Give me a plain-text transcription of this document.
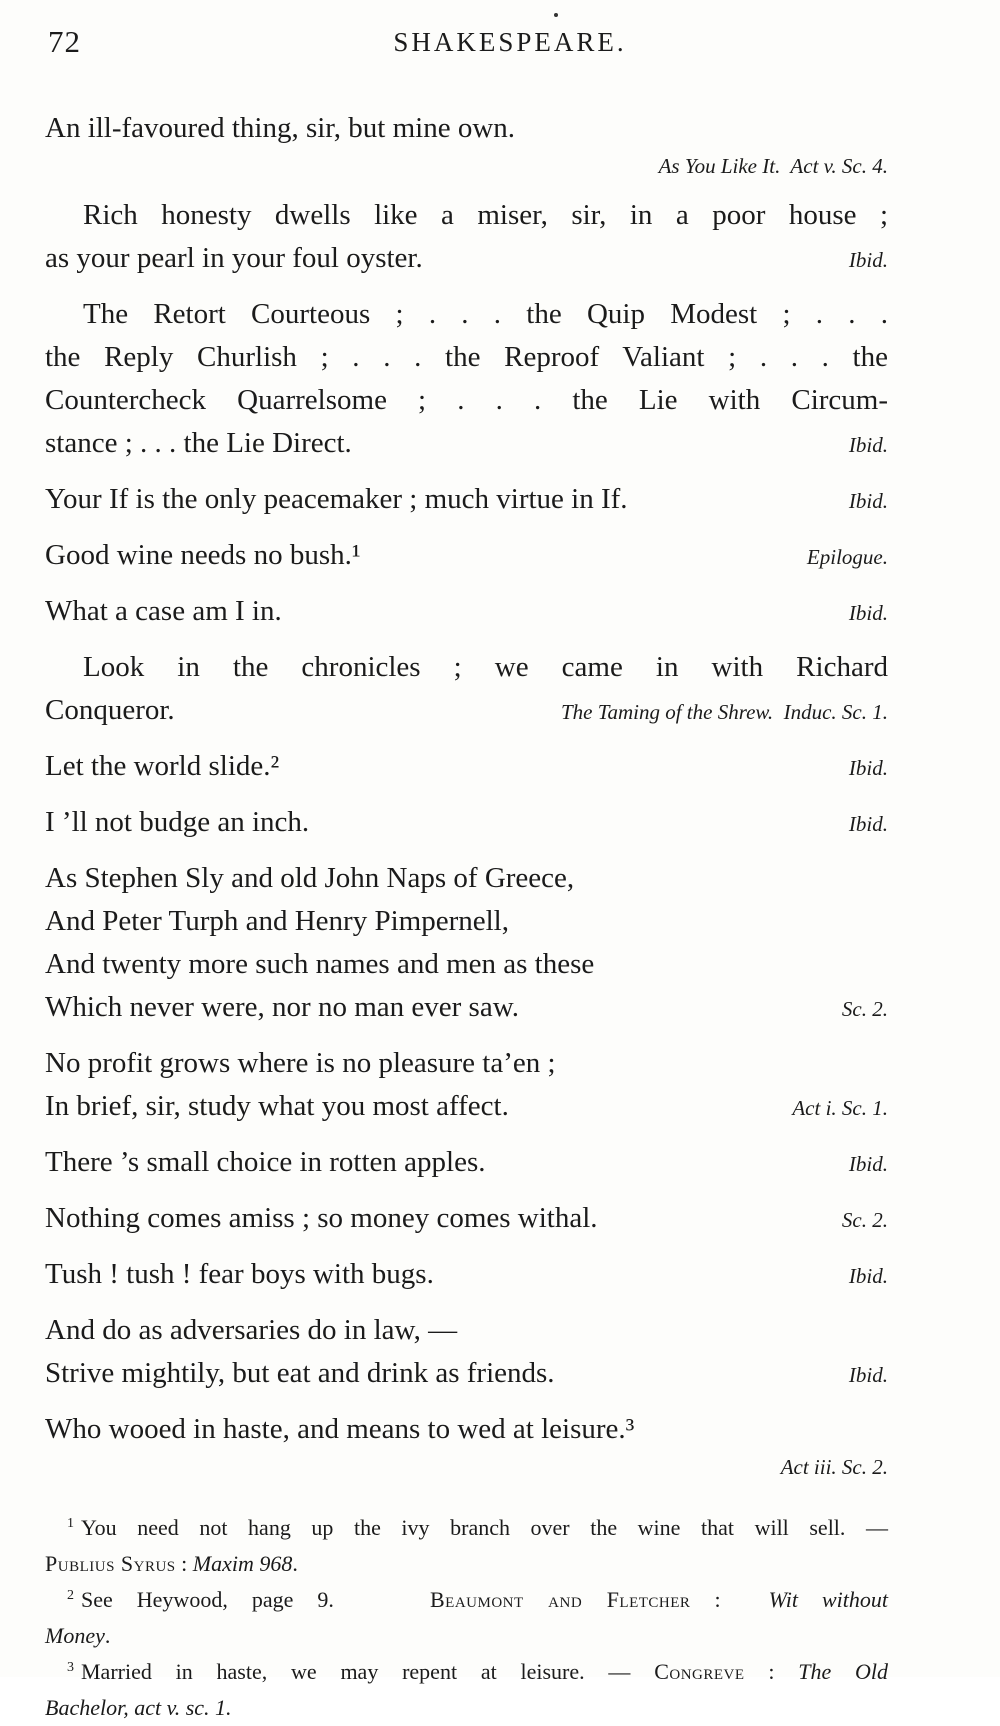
72	SHAKESPEARE.
An ill-favoured thing, sir, but mine own.
As You Like It.  Act v. Sc. 4.
Rich honesty dwells like a miser, sir, in a poor house ;
as your pearl in your foul oyster.	Ibid.
The Retort Courteous ; . . . the Quip Modest ; . . .
the Reply Churlish ; . . . the Reproof Valiant ; . . . the
Countercheck Quarrelsome ; . . . the Lie with Circum-
stance ; . . . the Lie Direct.	Ibid.
Your If is the only peacemaker ; much virtue in If.	Ibid.
Good wine needs no bush.¹	Epilogue.
What a case am I in.	Ibid.
Look in the chronicles ; we came in with Richard
Conqueror.	The Taming of the Shrew.  Induc. Sc. 1.
Let the world slide.²	Ibid.
I ’ll not budge an inch.	Ibid.
As Stephen Sly and old John Naps of Greece,
And Peter Turph and Henry Pimpernell,
And twenty more such names and men as these
Which never were, nor no man ever saw.	Sc. 2.
No profit grows where is no pleasure ta’en ;
In brief, sir, study what you most affect.	Act i. Sc. 1.
There ’s small choice in rotten apples.	Ibid.
Nothing comes amiss ; so money comes withal.	Sc. 2.
Tush ! tush ! fear boys with bugs.	Ibid.
And do as adversaries do in law, —
Strive mightily, but eat and drink as friends.	Ibid.
Who wooed in haste, and means to wed at leisure.³
Act iii. Sc. 2.
$^1$ You need not hang up the ivy branch over the wine that will sell. —
Publius Syrus : Maxim 968.
$^2$ See Heywood, page 9.    Beaumont and Fletcher :  Wit without
Money.
$^3$ Married in haste, we may repent at leisure. — Congreve : The Old
Bachelor, act v. sc. 1.
